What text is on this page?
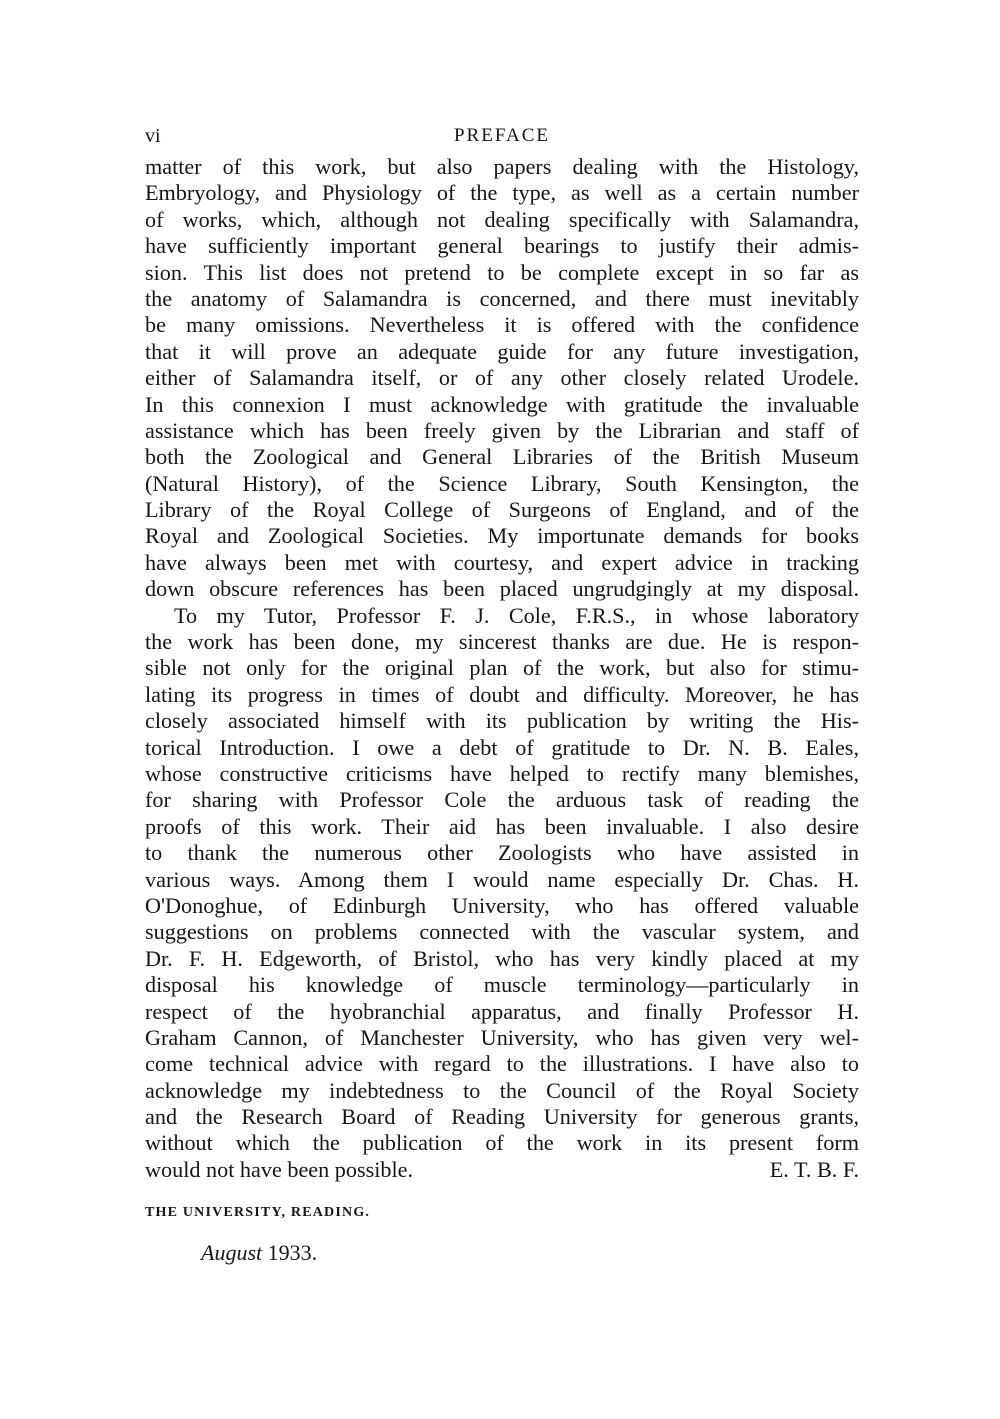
vi	PREFACE
matter of this work, but also papers dealing with the Histology,
Embryology, and Physiology of the type, as well as a certain number
of works, which, although not dealing specifically with Salamandra,
have sufficiently important general bearings to justify their admis-
sion. This list does not pretend to be complete except in so far as
the anatomy of Salamandra is concerned, and there must inevitably
be many omissions. Nevertheless it is offered with the confidence
that it will prove an adequate guide for any future investigation,
either of Salamandra itself, or of any other closely related Urodele.
In this connexion I must acknowledge with gratitude the invaluable
assistance which has been freely given by the Librarian and staff of
both the Zoological and General Libraries of the British Museum
(Natural History), of the Science Library, South Kensington, the
Library of the Royal College of Surgeons of England, and of the
Royal and Zoological Societies. My importunate demands for books
have always been met with courtesy, and expert advice in tracking
down obscure references has been placed ungrudgingly at my disposal.
To my Tutor, Professor F. J. Cole, F.R.S., in whose laboratory
the work has been done, my sincerest thanks are due. He is respon-
sible not only for the original plan of the work, but also for stimu-
lating its progress in times of doubt and difficulty. Moreover, he has
closely associated himself with its publication by writing the His-
torical Introduction. I owe a debt of gratitude to Dr. N. B. Eales,
whose constructive criticisms have helped to rectify many blemishes,
for sharing with Professor Cole the arduous task of reading the
proofs of this work. Their aid has been invaluable. I also desire
to thank the numerous other Zoologists who have assisted in
various ways. Among them I would name especially Dr. Chas. H.
O'Donoghue, of Edinburgh University, who has offered valuable
suggestions on problems connected with the vascular system, and
Dr. F. H. Edgeworth, of Bristol, who has very kindly placed at my
disposal his knowledge of muscle terminology—particularly in
respect of the hyobranchial apparatus, and finally Professor H.
Graham Cannon, of Manchester University, who has given very wel-
come technical advice with regard to the illustrations. I have also to
acknowledge my indebtedness to the Council of the Royal Society
and the Research Board of Reading University for generous grants,
without which the publication of the work in its present form
would not have been possible.	E. T. B. F.
THE UNIVERSITY, READING.
August 1933.
